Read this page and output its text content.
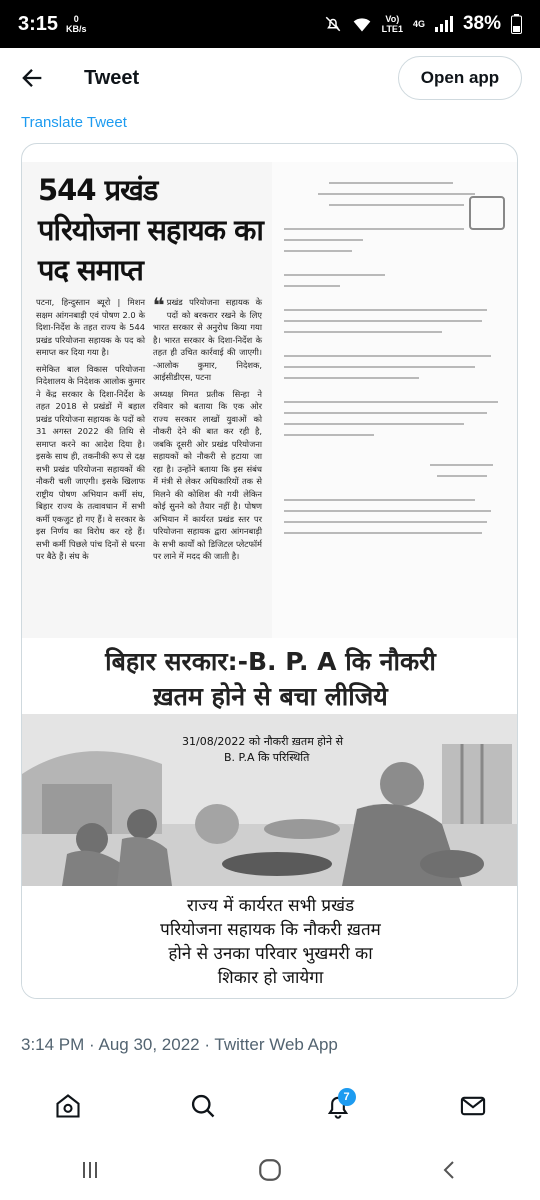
3:15	0
KB/s
Vo)
LTE1 4G 38%
Tweet	Open app
Translate Tweet
544 प्रखंड परियोजना सहायक का पद समाप्त

पटना, हिन्दुस्तान ब्यूरो | मिशन सक्षम आंगनबाड़ी एवं पोषण 2.0 के दिशा-निर्देश के तहत राज्य के 544 प्रखंड परियोजना सहायक के पद को समाप्त कर दिया गया है।

समेकित बाल विकास परियोजना निदेशालय के निदेशक आलोक कुमार ने केंद्र सरकार के दिशा-निर्देश के तहत 2018 से प्रखंडों में बहाल प्रखंड परियोजना सहायक के पदों को 31 अगस्त 2022 की तिथि से समाप्त करने का आदेश दिया है। इसके साथ ही, तकनीकी रूप से दक्ष सभी प्रखंड परियोजना सहायकों की नौकरी चली जाएगी। इसके खिलाफ राष्ट्रीय पोषण अभियान कर्मी संघ, बिहार राज्य के तत्वावधान में सभी कर्मी एकजुट हो गए हैं। वे सरकार के इस निर्णय का विरोध कर रहे हैं। सभी कर्मी पिछले पांच दिनों से धरना पर बैठे हैं। संघ के

❝ प्रखंड परियोजना सहायक के पदों को बरकरार रखने के लिए भारत सरकार से अनुरोध किया गया है। भारत सरकार के दिशा-निर्देश के तहत ही उचित कार्रवाई की जाएगी। -आलोक कुमार, निदेशक, आईसीडीएस, पटना

अध्यक्ष मिमत प्रतीक सिन्हा ने रविवार को बताया कि एक ओर राज्य सरकार लाखों युवाओं को नौकरी देने की बात कर रही है, जबकि दूसरी ओर प्रखंड परियोजना सहायकों को नौकरी से हटाया जा रहा है। उन्होंने बताया कि इस संबंध में मंत्री से लेकर अधिकारियों तक से मिलने की कोशिश की गयी लेकिन कोई सुनने को तैयार नहीं है। पोषण अभियान में कार्यरत प्रखंड स्तर पर परियोजना सहायक द्वारा आंगनबाड़ी के सभी कार्यों को डिजिटल प्लेटफॉर्म पर लाने में मदद की जाती है।

बिहार सरकार:-B. P. A कि नौकरी
ख़तम होने से बचा लीजिये
31/08/2022 को नौकरी ख़तम होने से
B. P.A कि परिस्थिति
राज्य में कार्यरत सभी प्रखंड
परियोजना सहायक कि नौकरी ख़तम
होने से उनका परिवार भुखमरी का
शिकार हो जायेगा
3:14 PM · Aug 30, 2022 · Twitter Web App
7
